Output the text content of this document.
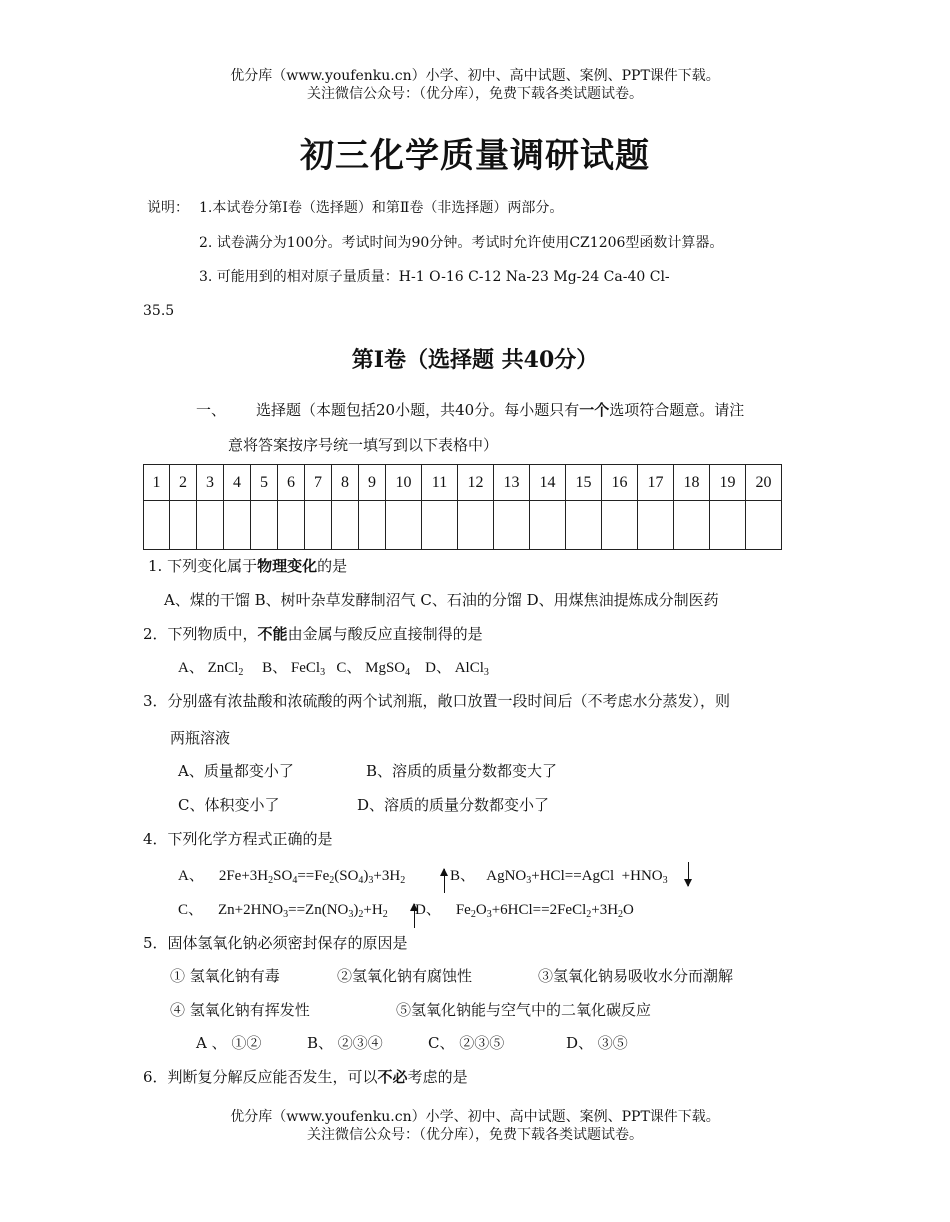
优分库（www.youfenku.cn）小学、初中、高中试题、案例、PPT课件下载。
关注微信公众号：（优分库），免费下载各类试题试卷。
初三化学质量调研试题
说明： 1.本试卷分第Ⅰ卷（选择题）和第Ⅱ卷（非选择题）两部分。
2. 试卷满分为100分。考试时间为90分钟。考试时允许使用CZ1206型函数计算器。
3. 可能用到的相对原子量质量：H-1 O-16 C-12 Na-23 Mg-24 Ca-40 Cl-
35.5
第Ⅰ卷（选择题 共40分）
一、 选择题（本题包括20小题，共40分。每小题只有一个选项符合题意。请注
意将答案按序号统一填写到以下表格中）
1	2	3	4	5	6	7	8	9	10	11	12	13	14	15	16	17	18	19	20

1. 下列变化属于物理变化的是
A、煤的干馏 B、树叶杂草发酵制沼气 C、石油的分馏 D、用煤焦油提炼成分制医药
2．下列物质中，不能由金属与酸反应直接制得的是
A、 ZnCl$_2$ B、 FeCl$_3$ C、 MgSO$_4$ D、 AlCl$_3$
3．分别盛有浓盐酸和浓硫酸的两个试剂瓶，敞口放置一段时间后（不考虑水分蒸发），则
两瓶溶液
A、质量都变小了	B、溶质的质量分数都变大了
C、体积变小了	D、溶质的质量分数都变小了
4．下列化学方程式正确的是
A、    $2Fe+3H_2SO_4==Fe_2(SO_4)_3+3H_2$	B、   AgNO$_3$+HCl==AgCl  $+HNO_3$
C、    $Zn+2HNO_3==Zn(NO_3)_2+H_2$ D、    $Fe_2O_3+6HCl==2FeCl_2+3H_2O$
5．固体氢氧化钠必须密封保存的原因是
① 氢氧化钠有毒	②氢氧化钠有腐蚀性	③氢氧化钠易吸收水分而潮解
④ 氢氧化钠有挥发性	⑤氢氧化钠能与空气中的二氧化碳反应
A 、 ①②	B、 ②③④	C、 ②③⑤	D、 ③⑤
6．判断复分解反应能否发生，可以不必考虑的是
优分库（www.youfenku.cn）小学、初中、高中试题、案例、PPT课件下载。
关注微信公众号：（优分库），免费下载各类试题试卷。
